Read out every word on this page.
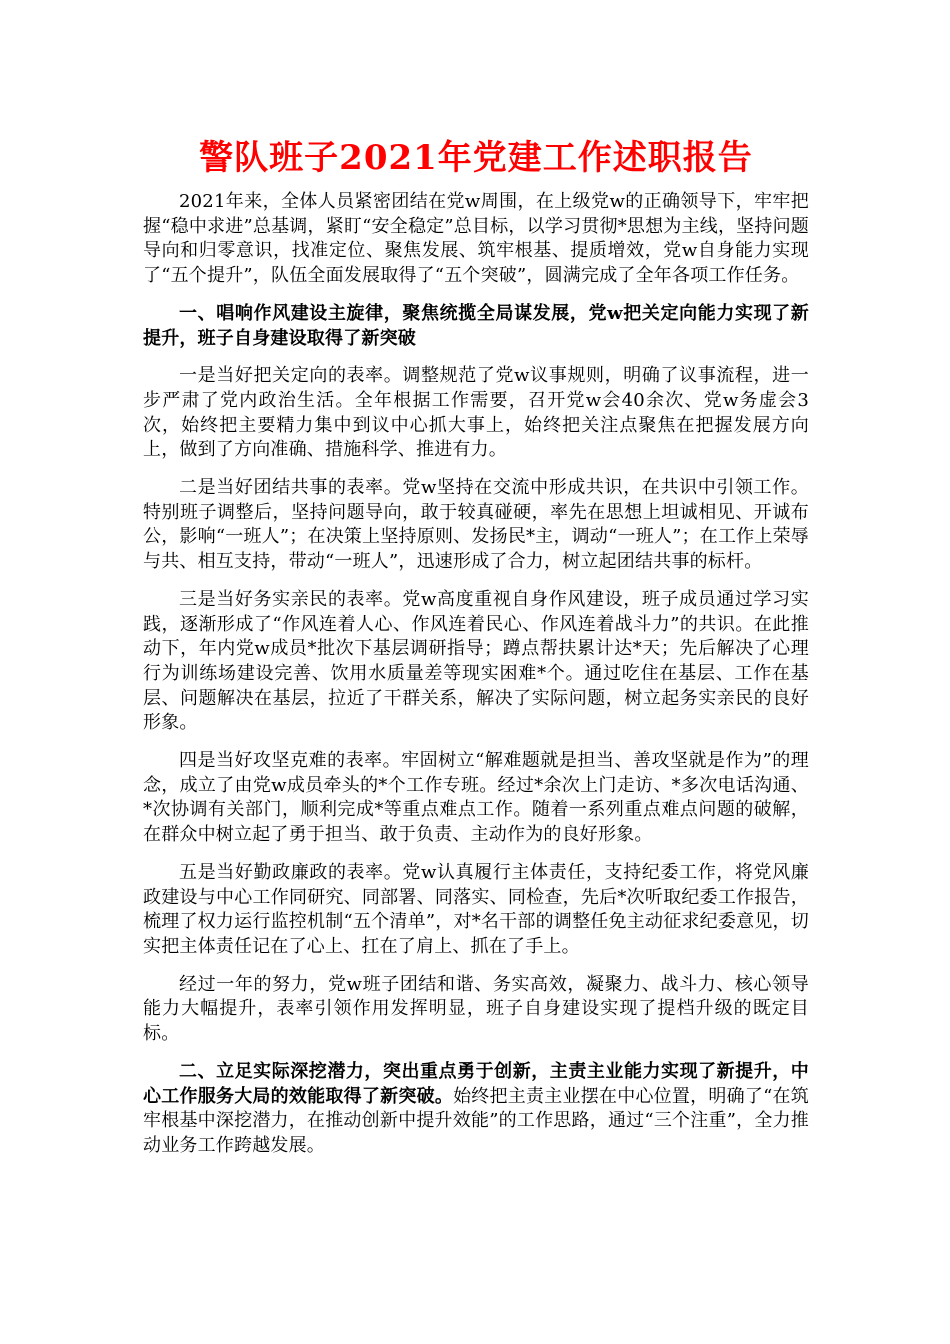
警队班子2021年党建工作述职报告

2021年来，全体人员紧密团结在党w周围，在上级党w的正确领导下，牢牢把握“稳中求进”总基调，紧盯“安全稳定”总目标，以学习贯彻*思想为主线，坚持问题导向和归零意识，找准定位、聚焦发展、筑牢根基、提质增效，党w自身能力实现了“五个提升”，队伍全面发展取得了“五个突破”，圆满完成了全年各项工作任务。

一、唱响作风建设主旋律，聚焦统揽全局谋发展，党w把关定向能力实现了新提升，班子自身建设取得了新突破

一是当好把关定向的表率。调整规范了党w议事规则，明确了议事流程，进一步严肃了党内政治生活。全年根据工作需要，召开党w会40余次、党w务虚会3次，始终把主要精力集中到议中心抓大事上，始终把关注点聚焦在把握发展方向上，做到了方向准确、措施科学、推进有力。

二是当好团结共事的表率。党w坚持在交流中形成共识，在共识中引领工作。特别班子调整后，坚持问题导向，敢于较真碰硬，率先在思想上坦诚相见、开诚布公，影响“一班人”；在决策上坚持原则、发扬民*主，调动“一班人”；在工作上荣辱与共、相互支持，带动“一班人”，迅速形成了合力，树立起团结共事的标杆。

三是当好务实亲民的表率。党w高度重视自身作风建设，班子成员通过学习实践，逐渐形成了“作风连着人心、作风连着民心、作风连着战斗力”的共识。在此推动下，年内党w成员*批次下基层调研指导；蹲点帮扶累计达*天；先后解决了心理行为训练场建设完善、饮用水质量差等现实困难*个。通过吃住在基层、工作在基层、问题解决在基层，拉近了干群关系，解决了实际问题，树立起务实亲民的良好形象。

四是当好攻坚克难的表率。牢固树立“解难题就是担当、善攻坚就是作为”的理念，成立了由党w成员牵头的*个工作专班。经过*余次上门走访、*多次电话沟通、*次协调有关部门，顺利完成*等重点难点工作。随着一系列重点难点问题的破解，在群众中树立起了勇于担当、敢于负责、主动作为的良好形象。

五是当好勤政廉政的表率。党w认真履行主体责任，支持纪委工作，将党风廉政建设与中心工作同研究、同部署、同落实、同检查，先后*次听取纪委工作报告，梳理了权力运行监控机制“五个清单”，对*名干部的调整任免主动征求纪委意见，切实把主体责任记在了心上、扛在了肩上、抓在了手上。

经过一年的努力，党w班子团结和谐、务实高效，凝聚力、战斗力、核心领导能力大幅提升，表率引领作用发挥明显，班子自身建设实现了提档升级的既定目标。

二、立足实际深挖潜力，突出重点勇于创新，主责主业能力实现了新提升，中心工作服务大局的效能取得了新突破。始终把主责主业摆在中心位置，明确了“在筑牢根基中深挖潜力，在推动创新中提升效能”的工作思路，通过“三个注重”，全力推动业务工作跨越发展。
